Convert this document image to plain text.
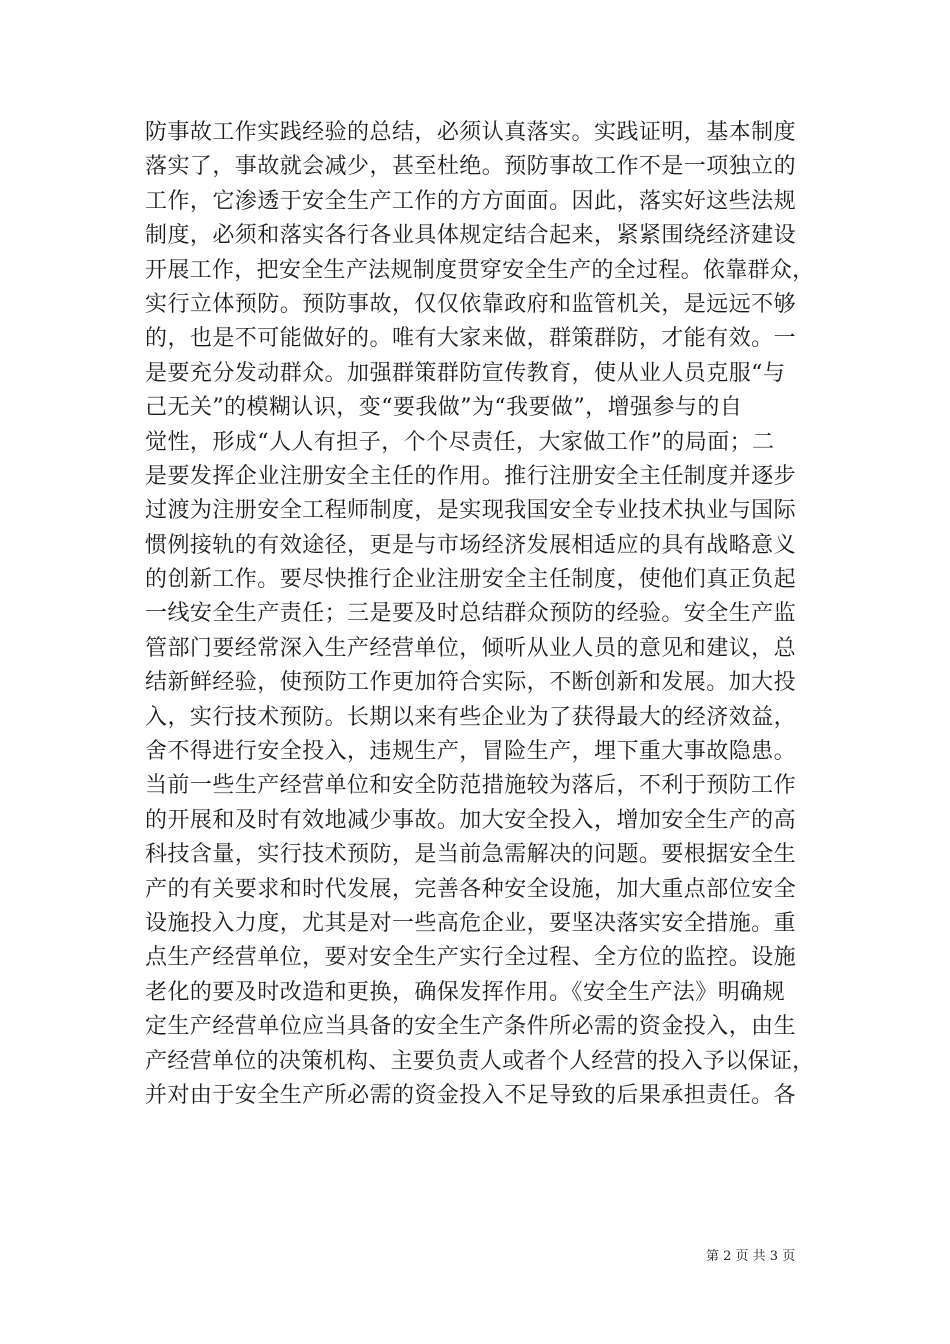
防事故工作实践经验的总结，必须认真落实。实践证明，基本制度
落实了，事故就会减少，甚至杜绝。预防事故工作不是一项独立的
工作，它渗透于安全生产工作的方方面面。因此，落实好这些法规
制度，必须和落实各行各业具体规定结合起来，紧紧围绕经济建设
开展工作，把安全生产法规制度贯穿安全生产的全过程。依靠群众，
实行立体预防。预防事故，仅仅依靠政府和监管机关，是远远不够
的，也是不可能做好的。唯有大家来做，群策群防，才能有效。一
是要充分发动群众。加强群策群防宣传教育，使从业人员克服“与
己无关”的模糊认识，变“要我做”为“我要做”，增强参与的自
觉性，形成“人人有担子，个个尽责任，大家做工作”的局面；二
是要发挥企业注册安全主任的作用。推行注册安全主任制度并逐步
过渡为注册安全工程师制度，是实现我国安全专业技术执业与国际
惯例接轨的有效途径，更是与市场经济发展相适应的具有战略意义
的创新工作。要尽快推行企业注册安全主任制度，使他们真正负起
一线安全生产责任；三是要及时总结群众预防的经验。安全生产监
管部门要经常深入生产经营单位，倾听从业人员的意见和建议，总
结新鲜经验，使预防工作更加符合实际，不断创新和发展。加大投
入，实行技术预防。长期以来有些企业为了获得最大的经济效益，
舍不得进行安全投入，违规生产，冒险生产，埋下重大事故隐患。
当前一些生产经营单位和安全防范措施较为落后，不利于预防工作
的开展和及时有效地减少事故。加大安全投入，增加安全生产的高
科技含量，实行技术预防，是当前急需解决的问题。要根据安全生
产的有关要求和时代发展，完善各种安全设施，加大重点部位安全
设施投入力度，尤其是对一些高危企业，要坚决落实安全措施。重
点生产经营单位，要对安全生产实行全过程、全方位的监控。设施
老化的要及时改造和更换，确保发挥作用。《安全生产法》明确规
定生产经营单位应当具备的安全生产条件所必需的资金投入，由生
产经营单位的决策机构、主要负责人或者个人经营的投入予以保证，
并对由于安全生产所必需的资金投入不足导致的后果承担责任。各
第 2 页 共 3 页
